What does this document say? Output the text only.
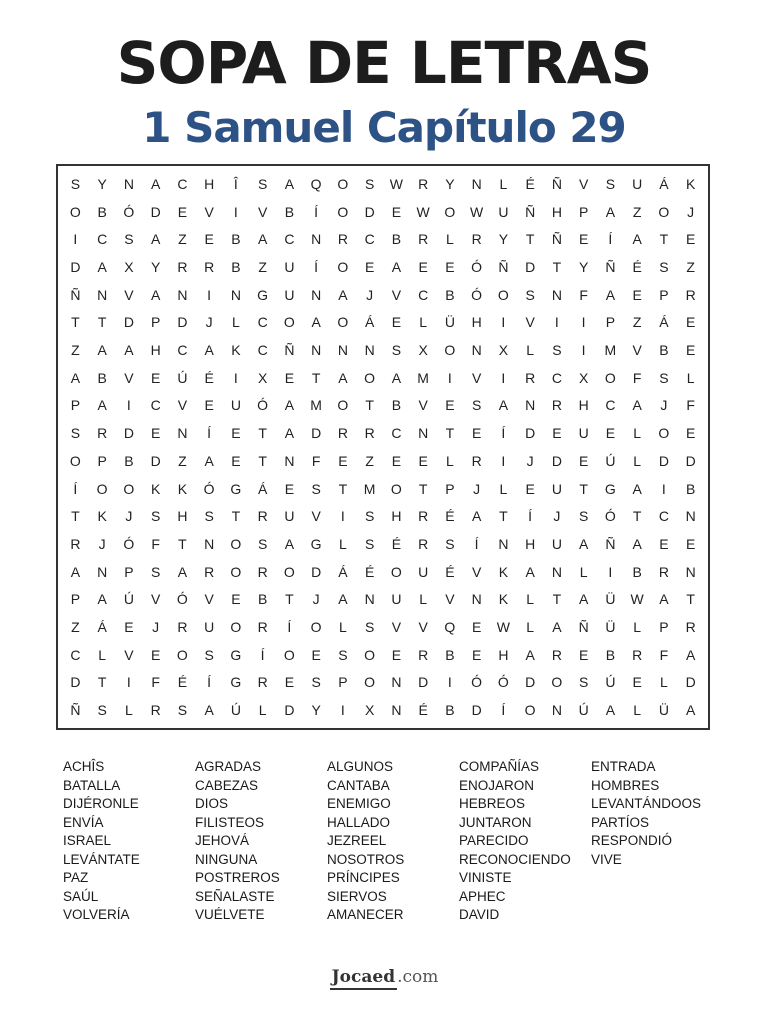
SOPA DE LETRAS
1 Samuel Capítulo 29
S	Y	N	A	C	H	Î	S	A	Q	O	S	W	R	Y	N	L	É	Ñ	V	S	U	Á	K
O	B	Ó	D	E	V	I	V	B	Í	O	D	E	W	O	W	U	Ñ	H	P	A	Z	O	J
I	C	S	A	Z	E	B	A	C	N	R	C	B	R	L	R	Y	T	Ñ	E	Í	A	T	E
D	A	X	Y	R	R	B	Z	U	Í	O	E	A	E	E	Ó	Ñ	D	T	Y	Ñ	É	S	Z
Ñ	N	V	A	N	I	N	G	U	N	A	J	V	C	B	Ó	O	S	N	F	A	E	P	R
T	T	D	P	D	J	L	C	O	A	O	Á	E	L	Ü	H	I	V	I	I	P	Z	Á	E
Z	A	A	H	C	A	K	C	Ñ	N	N	N	S	X	O	N	X	L	S	I	M	V	B	E
A	B	V	E	Ú	É	I	X	E	T	A	O	A	M	I	V	I	R	C	X	O	F	S	L
P	A	I	C	V	E	U	Ó	A	M	O	T	B	V	E	S	A	N	R	H	C	A	J	F
S	R	D	E	N	Í	E	T	A	D	R	R	C	N	T	E	Í	D	E	U	E	L	O	E
O	P	B	D	Z	A	E	T	N	F	E	Z	E	E	L	R	I	J	D	E	Ú	L	D	D
Í	O	O	K	K	Ó	G	Á	E	S	T	M	O	T	P	J	L	E	U	T	G	A	I	B
T	K	J	S	H	S	T	R	U	V	I	S	H	R	É	A	T	Í	J	S	Ó	T	C	N
R	J	Ó	F	T	N	O	S	A	G	L	S	É	R	S	Í	N	H	U	A	Ñ	A	E	E
A	N	P	S	A	R	O	R	O	D	Á	É	O	U	É	V	K	A	N	L	I	B	R	N
P	A	Ú	V	Ó	V	E	B	T	J	A	N	U	L	V	N	K	L	T	A	Ü	W	A	T
Z	Á	E	J	R	U	O	R	Í	O	L	S	V	V	Q	E	W	L	A	Ñ	Ü	L	P	R
C	L	V	E	O	S	G	Í	O	E	S	O	E	R	B	E	H	A	R	E	B	R	F	A
D	T	I	F	É	Í	G	R	E	S	P	O	N	D	I	Ó	Ó	D	O	S	Ú	E	L	D
Ñ	S	L	R	S	A	Ú	L	D	Y	I	X	N	É	B	D	Í	O	N	Ú	A	L	Ü	A
ACHÎS
BATALLA
DIJÉRONLE
ENVÍA
ISRAEL
LEVÁNTATE
PAZ
SAÚL
VOLVERÍA
AGRADAS
CABEZAS
DIOS
FILISTEOS
JEHOVÁ
NINGUNA
POSTREROS
SEÑALASTE
VUÉLVETE
ALGUNOS
CANTABA
ENEMIGO
HALLADO
JEZREEL
NOSOTROS
PRÍNCIPES
SIERVOS
AMANECER
COMPAÑÍAS
ENOJARON
HEBREOS
JUNTARON
PARECIDO
RECONOCIENDO
VINISTE
APHEC
DAVID
ENTRADA
HOMBRES
LEVANTÁNDOOS
PARTÍOS
RESPONDIÓ
VIVE
Jocaed .com
